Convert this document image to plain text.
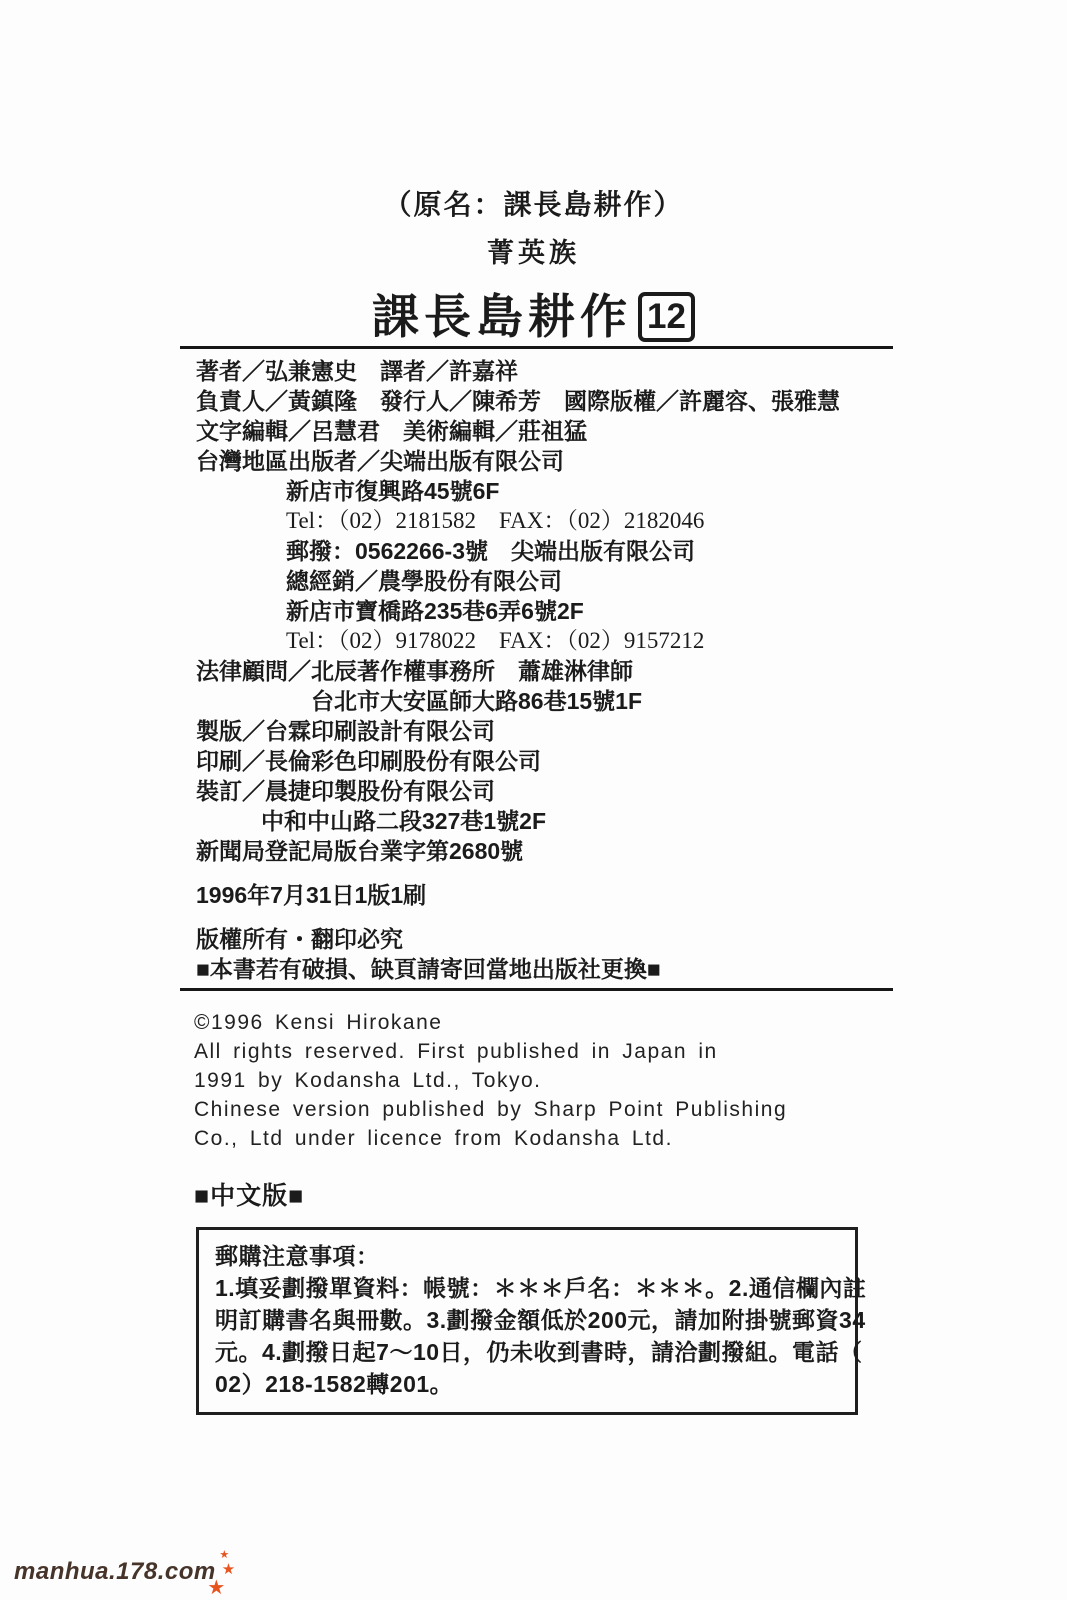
（原名：課長島耕作）
菁英族
課長島耕作 12
著者／弘兼憲史　譯者／許嘉祥
負責人／黃鎮隆　發行人／陳希芳　國際版權／許麗容、張雅慧
文字編輯／呂慧君　美術編輯／莊祖猛
台灣地區出版者／尖端出版有限公司
新店市復興路45號6F
Tel：（02）2181582　FAX：（02）2182046
郵撥：0562266-3號　尖端出版有限公司
總經銷／農學股份有限公司
新店市寶橋路235巷6弄6號2F
Tel：（02）9178022　FAX：（02）9157212
法律顧問／北辰著作權事務所　蕭雄淋律師
台北市大安區師大路86巷15號1F
製版／台霖印刷設計有限公司
印刷／長倫彩色印刷股份有限公司
裝訂／晨捷印製股份有限公司
中和中山路二段327巷1號2F
新聞局登記局版台業字第2680號
1996年7月31日1版1刷
版權所有・翻印必究
■本書若有破損、缺頁請寄回當地出版社更換■
©1996 Kensi Hirokane
All rights reserved. First published in Japan in
1991 by Kodansha Ltd., Tokyo.
Chinese version published by Sharp Point Publishing
Co., Ltd under licence from Kodansha Ltd.
■中文版■
郵購注意事項：
1.填妥劃撥單資料：帳號：＊＊＊戶名：＊＊＊。2.通信欄內註
明訂購書名與冊數。3.劃撥金額低於200元，請加附掛號郵資34
元。4.劃撥日起7～10日，仍未收到書時，請洽劃撥組。電話（
02）218-1582轉201。
manhua.178.com
★
★
★
